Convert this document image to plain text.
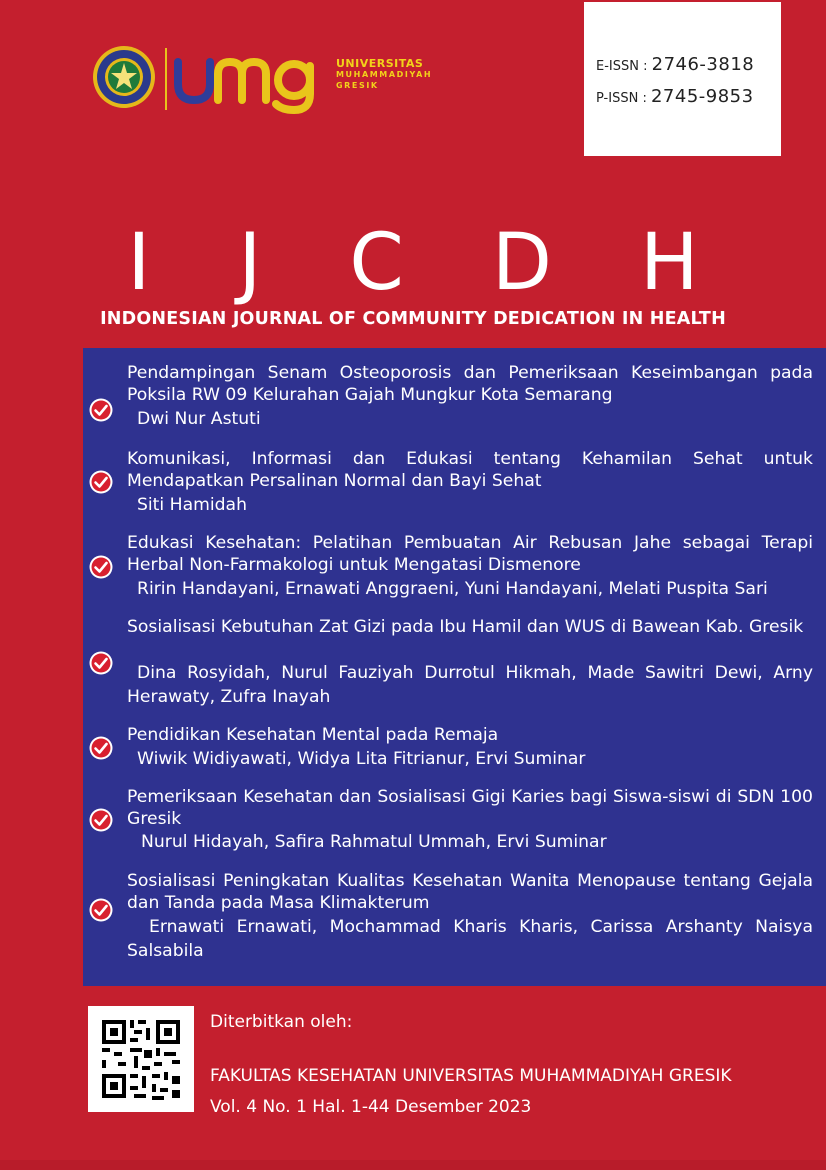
UNIVERSITAS
MUHAMMADIYAH
GRESIK
E-ISSN : 2746-3818
P-ISSN : 2745-9853
IJCDH
INDONESIAN JOURNAL OF COMMUNITY DEDICATION IN HEALTH
Pendampingan Senam Osteoporosis dan Pemeriksaan Keseimbangan pada Poksila RW 09 Kelurahan Gajah Mungkur Kota Semarang
Dwi Nur Astuti
Komunikasi, Informasi dan Edukasi tentang Kehamilan Sehat untuk Mendapatkan Persalinan Normal dan Bayi Sehat
Siti Hamidah
Edukasi Kesehatan: Pelatihan Pembuatan Air Rebusan Jahe sebagai Terapi Herbal Non-Farmakologi untuk Mengatasi Dismenore
Ririn Handayani, Ernawati Anggraeni, Yuni Handayani, Melati Puspita Sari
Sosialisasi Kebutuhan Zat Gizi pada Ibu Hamil dan WUS di Bawean Kab. Gresik
Dina Rosyidah, Nurul Fauziyah Durrotul Hikmah, Made Sawitri Dewi, Arny Herawaty, Zufra Inayah
Pendidikan Kesehatan Mental pada Remaja
Wiwik Widiyawati, Widya Lita Fitrianur, Ervi Suminar
Pemeriksaan Kesehatan dan Sosialisasi Gigi Karies bagi Siswa-siswi di SDN 100 Gresik
Nurul Hidayah, Safira Rahmatul Ummah, Ervi Suminar
Sosialisasi Peningkatan Kualitas Kesehatan Wanita Menopause tentang Gejala dan Tanda pada Masa Klimakterum
Ernawati Ernawati, Mochammad Kharis Kharis, Carissa Arshanty Naisya Salsabila
Diterbitkan oleh:
FAKULTAS KESEHATAN UNIVERSITAS MUHAMMADIYAH GRESIK
Vol. 4 No. 1 Hal. 1-44 Desember 2023
